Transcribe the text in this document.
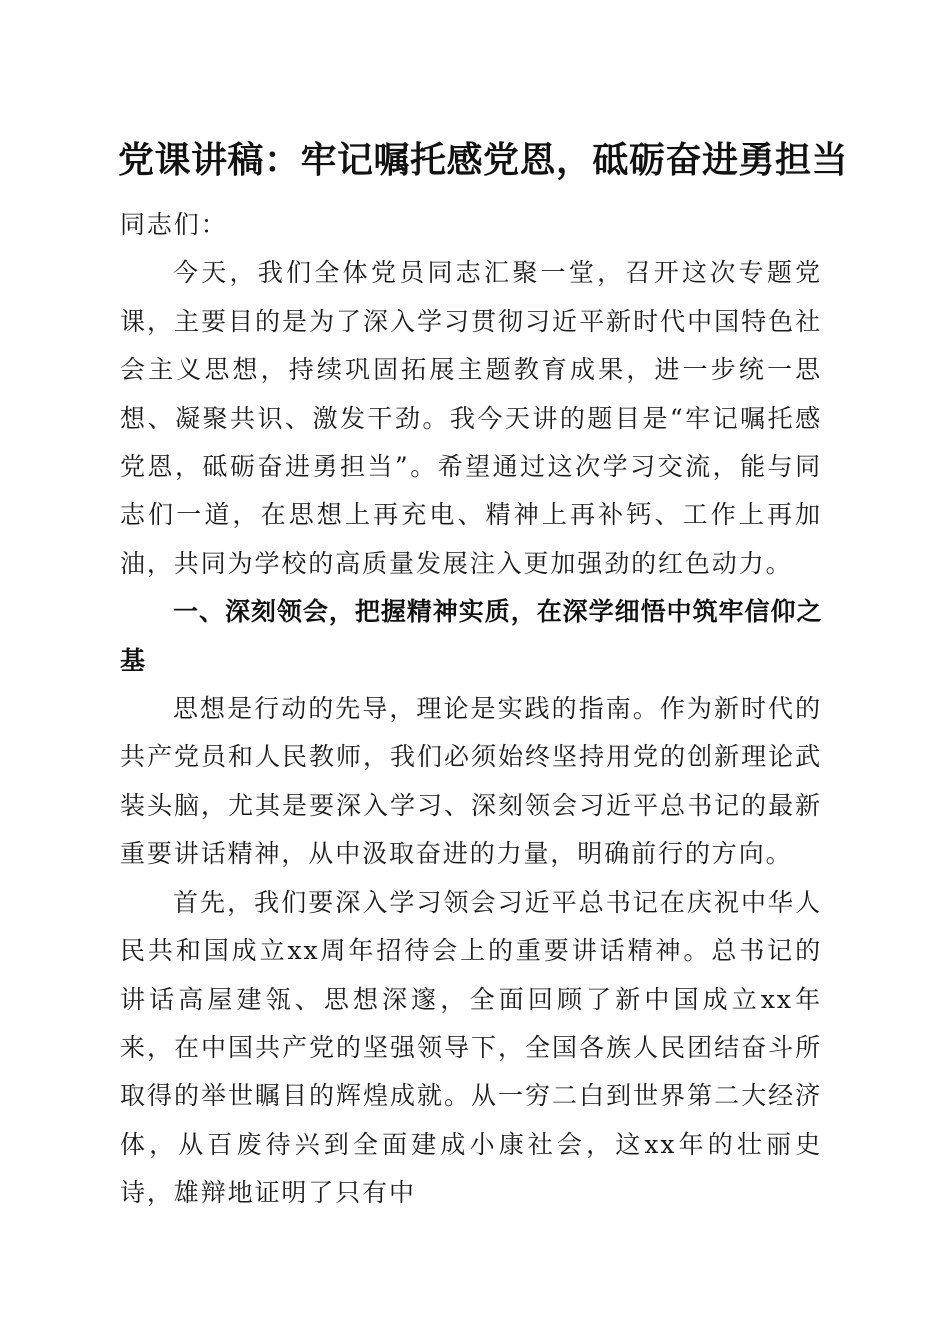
党课讲稿：牢记嘱托感党恩，砥砺奋进勇担当

同志们：

今天，我们全体党员同志汇聚一堂，召开这次专题党课，主要目的是为了深入学习贯彻习近平新时代中国特色社会主义思想，持续巩固拓展主题教育成果，进一步统一思想、凝聚共识、激发干劲。我今天讲的题目是“牢记嘱托感党恩，砥砺奋进勇担当”。希望通过这次学习交流，能与同志们一道，在思想上再充电、精神上再补钙、工作上再加油，共同为学校的高质量发展注入更加强劲的红色动力。

一、深刻领会，把握精神实质，在深学细悟中筑牢信仰之基

思想是行动的先导，理论是实践的指南。作为新时代的共产党员和人民教师，我们必须始终坚持用党的创新理论武装头脑，尤其是要深入学习、深刻领会习近平总书记的最新重要讲话精神，从中汲取奋进的力量，明确前行的方向。

首先，我们要深入学习领会习近平总书记在庆祝中华人民共和国成立xx周年招待会上的重要讲话精神。总书记的讲话高屋建瓴、思想深邃，全面回顾了新中国成立xx年来，在中国共产党的坚强领导下，全国各族人民团结奋斗所取得的举世瞩目的辉煌成就。从一穷二白到世界第二大经济体，从百废待兴到全面建成小康社会，这xx年的壮丽史诗，雄辩地证明了只有中
